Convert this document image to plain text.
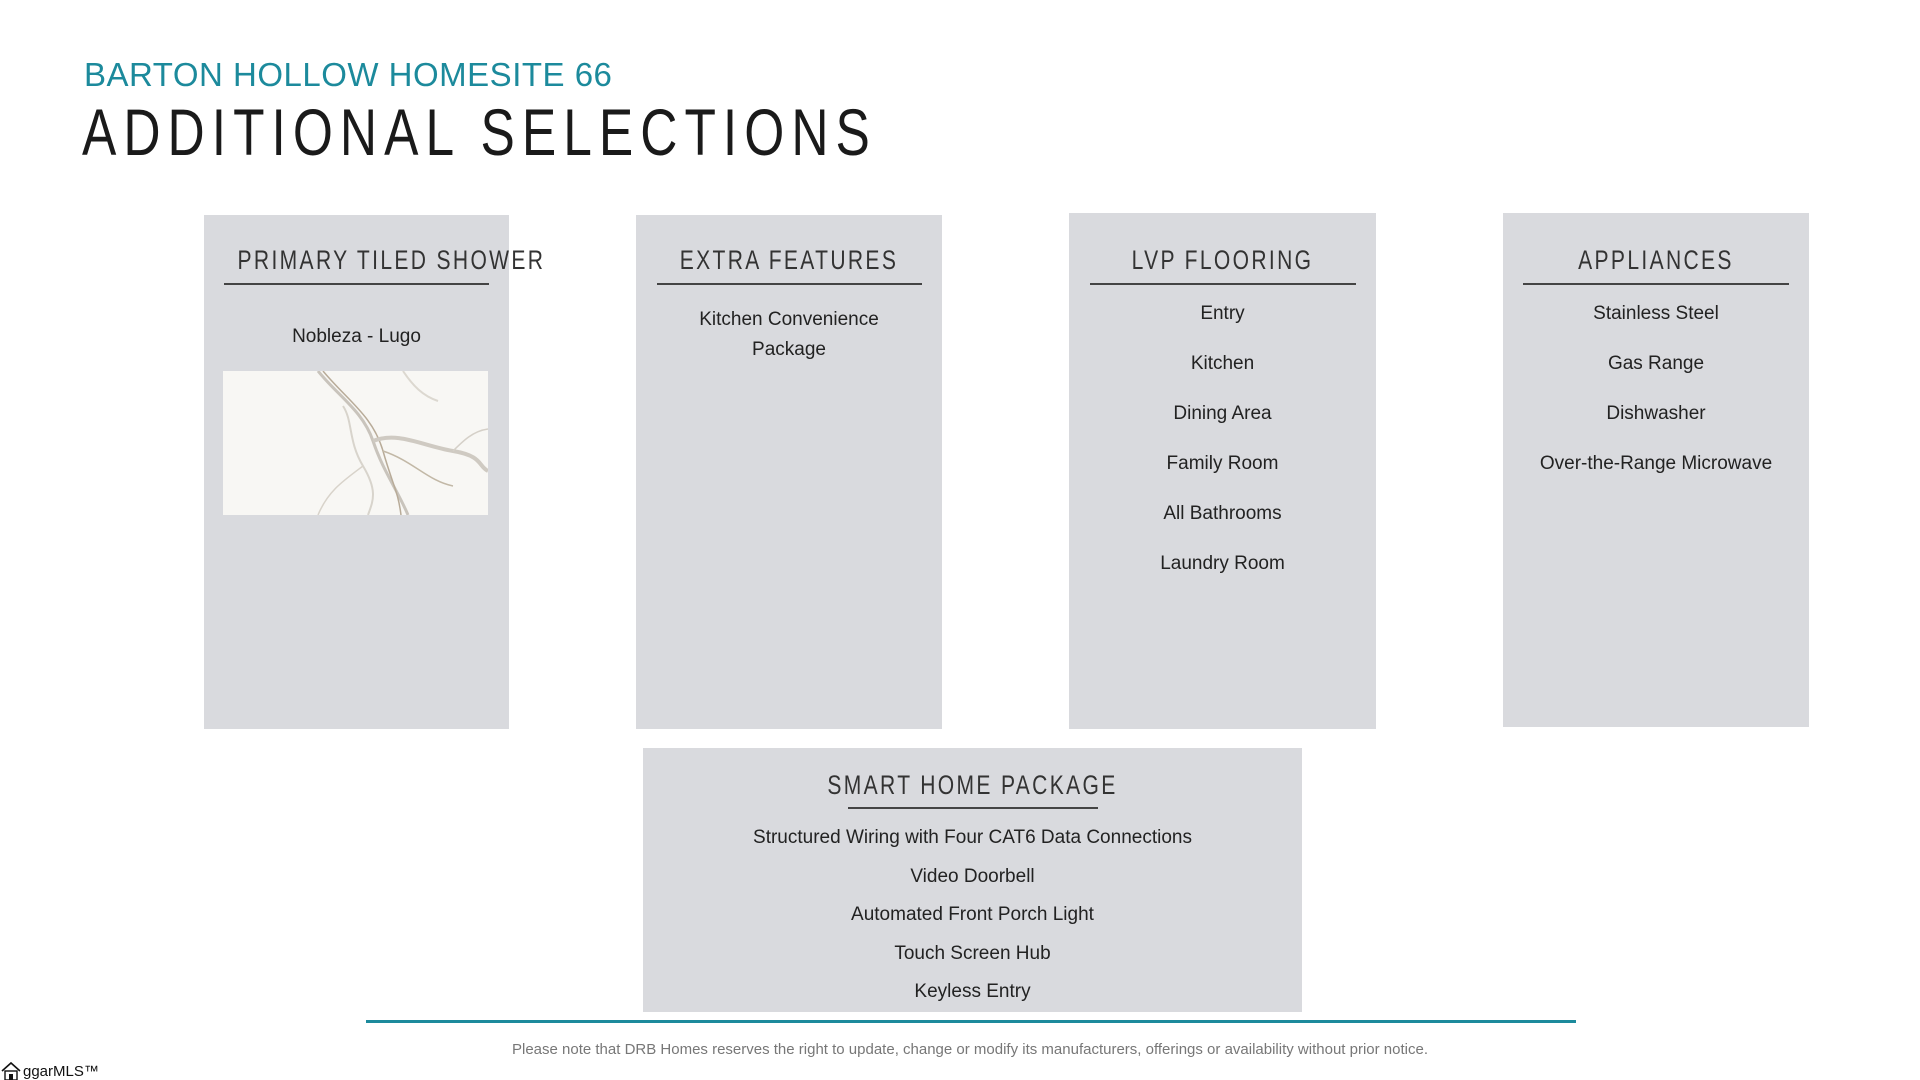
BARTON HOLLOW HOMESITE 66
ADDITIONAL SELECTIONS
PRIMARY TILED SHOWER
Nobleza - Lugo
EXTRA FEATURES
Kitchen Convenience
Package
LVP FLOORING
Entry
Kitchen
Dining Area
Family Room
All Bathrooms
Laundry Room
APPLIANCES
Stainless Steel
Gas Range
Dishwasher
Over-the-Range Microwave
SMART HOME PACKAGE
Structured Wiring with Four CAT6 Data Connections
Video Doorbell
Automated Front Porch Light
Touch Screen Hub
Keyless Entry
Please note that DRB Homes reserves the right to update, change or modify its manufacturers, offerings or availability without prior notice.
ggarMLS™
